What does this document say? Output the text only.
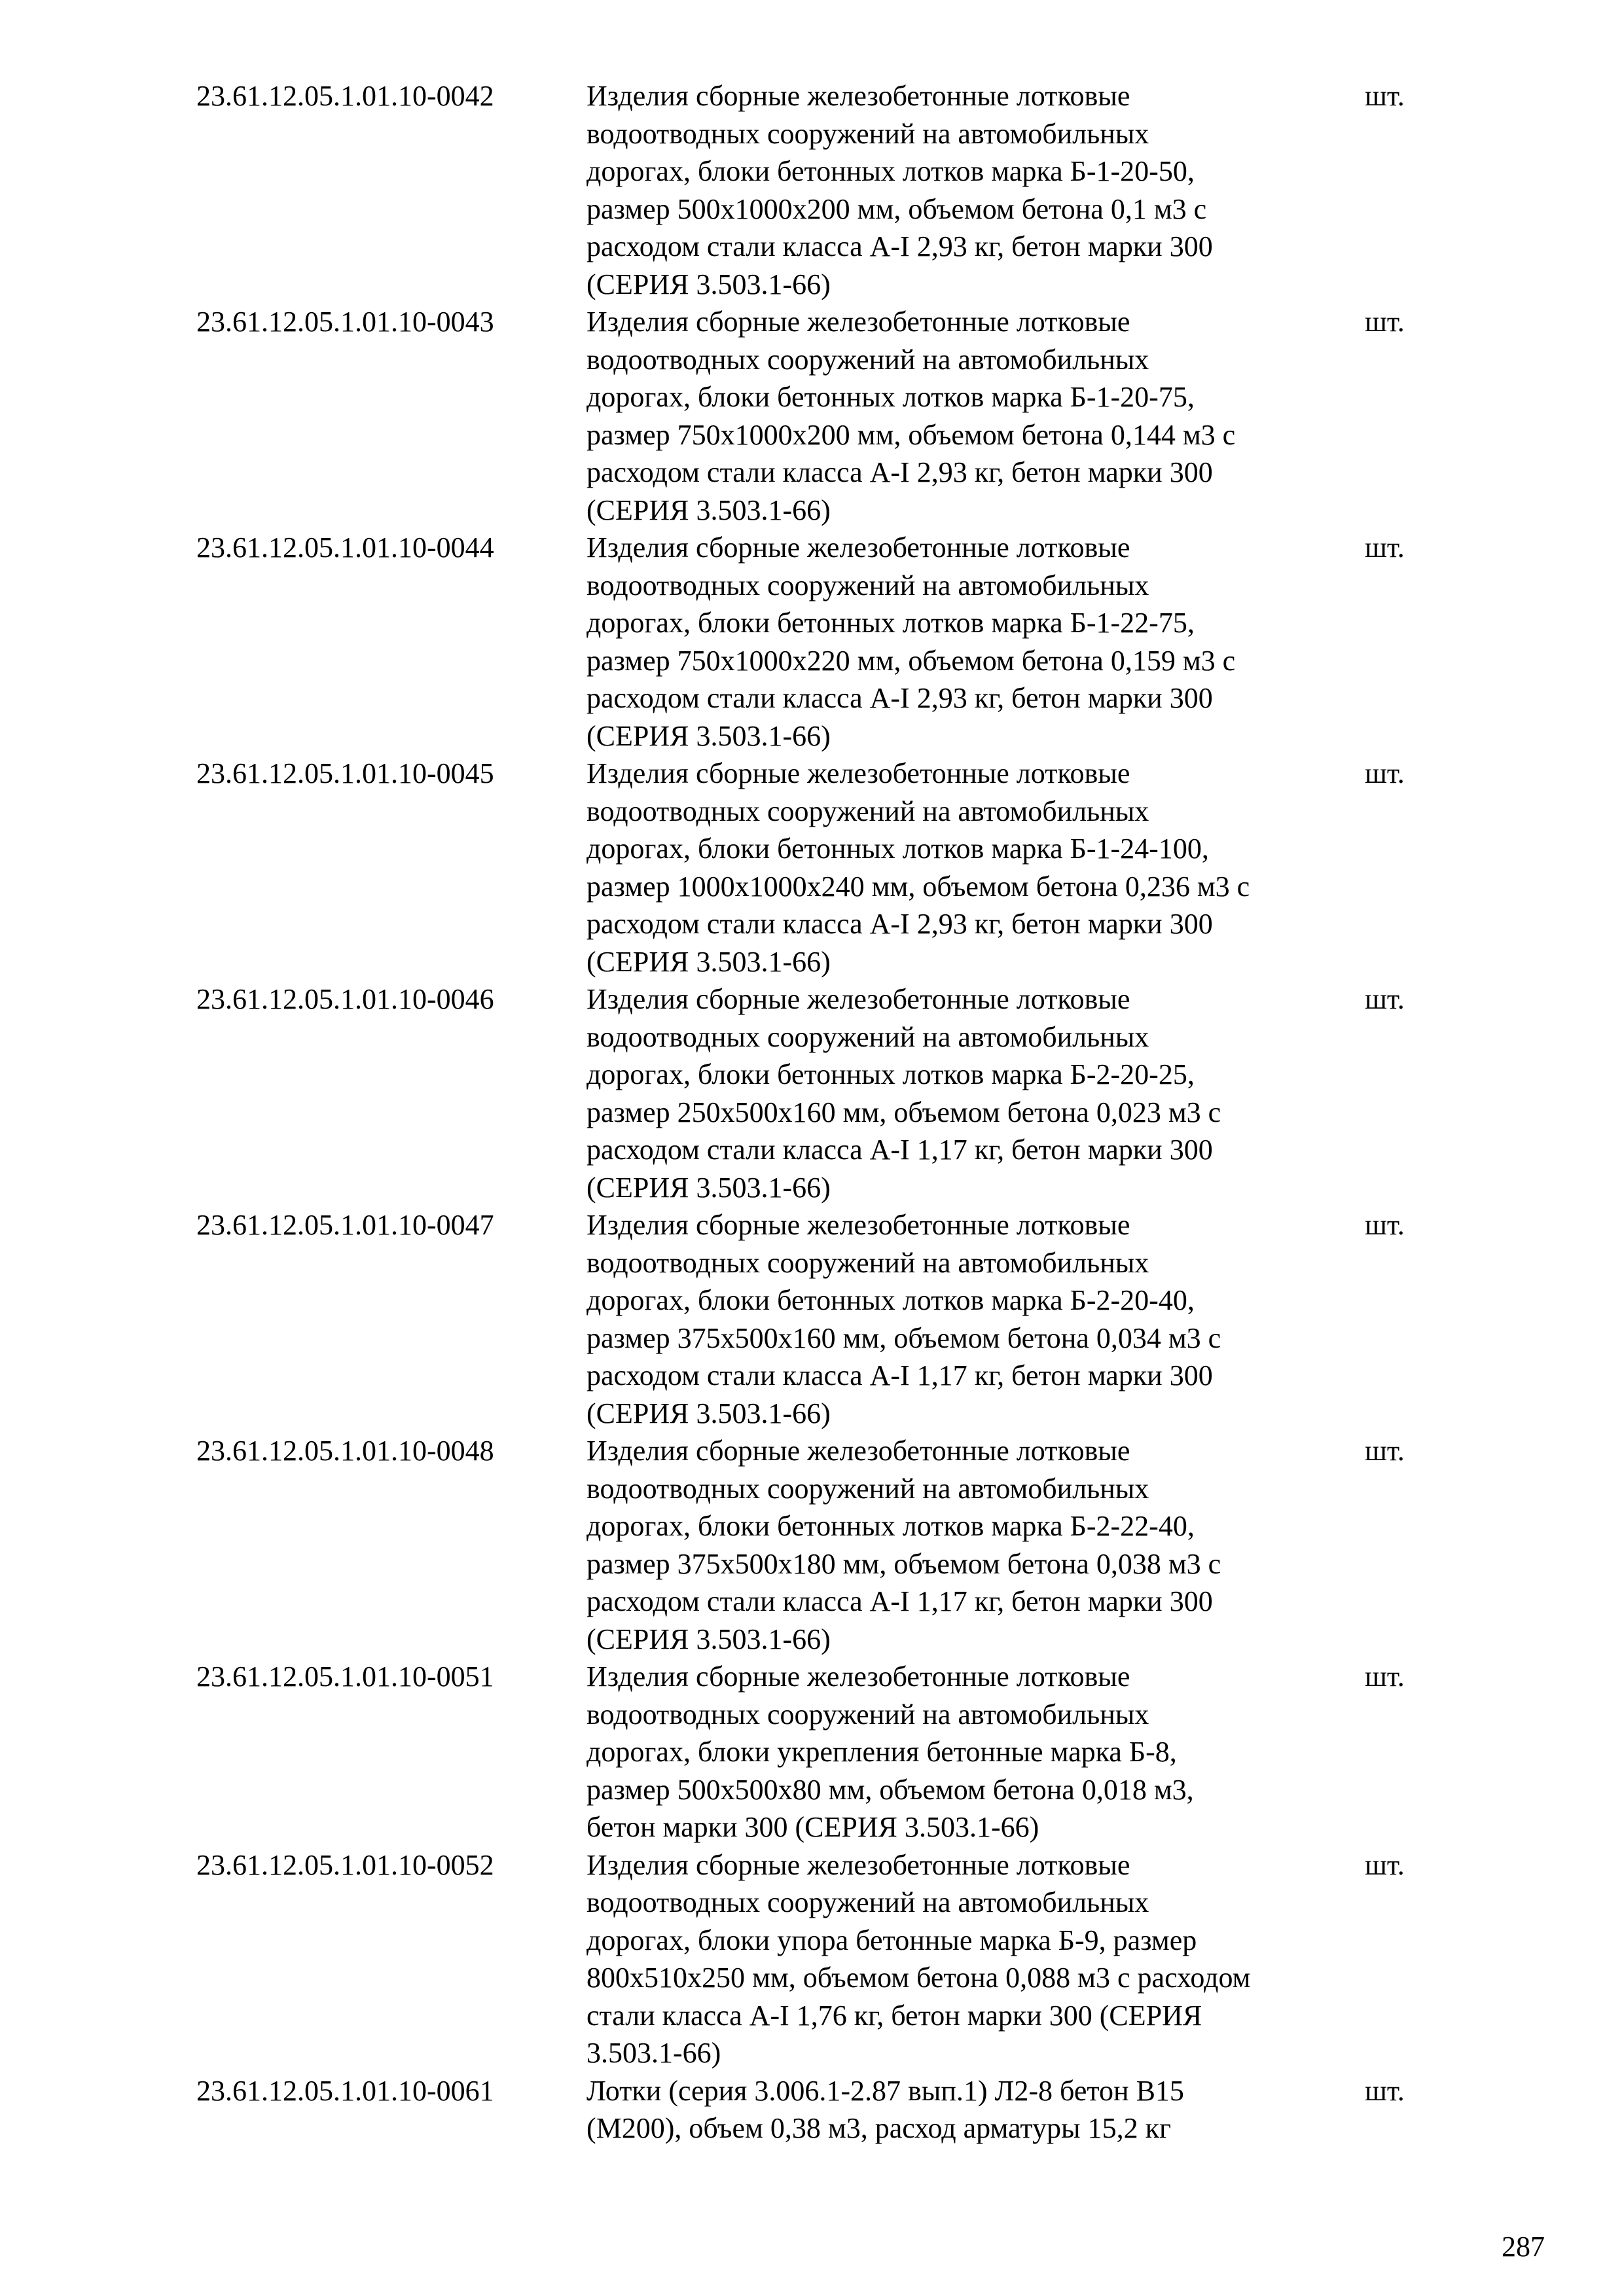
23.61.12.05.1.01.10-0042	Изделия сборные железобетонные лотковые
водоотводных сооружений на автомобильных
дорогах, блоки бетонных лотков марка Б-1-20-50,
размер 500х1000х200 мм, объемом бетона 0,1 м3 с
расходом стали класса А-I 2,93 кг, бетон марки 300
(СЕРИЯ 3.503.1-66)
шт.
23.61.12.05.1.01.10-0043	Изделия сборные железобетонные лотковые
водоотводных сооружений на автомобильных
дорогах, блоки бетонных лотков марка Б-1-20-75,
размер 750х1000х200 мм, объемом бетона 0,144 м3 с
расходом стали класса А-I 2,93 кг, бетон марки 300
(СЕРИЯ 3.503.1-66)
шт.
23.61.12.05.1.01.10-0044	Изделия сборные железобетонные лотковые
водоотводных сооружений на автомобильных
дорогах, блоки бетонных лотков марка Б-1-22-75,
размер 750х1000х220 мм, объемом бетона 0,159 м3 с
расходом стали класса А-I 2,93 кг, бетон марки 300
(СЕРИЯ 3.503.1-66)
шт.
23.61.12.05.1.01.10-0045	Изделия сборные железобетонные лотковые
водоотводных сооружений на автомобильных
дорогах, блоки бетонных лотков марка Б-1-24-100,
размер 1000х1000х240 мм, объемом бетона 0,236 м3 с
расходом стали класса А-I 2,93 кг, бетон марки 300
(СЕРИЯ 3.503.1-66)
шт.
23.61.12.05.1.01.10-0046	Изделия сборные железобетонные лотковые
водоотводных сооружений на автомобильных
дорогах, блоки бетонных лотков марка Б-2-20-25,
размер 250х500х160 мм, объемом бетона 0,023 м3 с
расходом стали класса А-I 1,17 кг, бетон марки 300
(СЕРИЯ 3.503.1-66)
шт.
23.61.12.05.1.01.10-0047	Изделия сборные железобетонные лотковые
водоотводных сооружений на автомобильных
дорогах, блоки бетонных лотков марка Б-2-20-40,
размер 375х500х160 мм, объемом бетона 0,034 м3 с
расходом стали класса А-I 1,17 кг, бетон марки 300
(СЕРИЯ 3.503.1-66)
шт.
23.61.12.05.1.01.10-0048	Изделия сборные железобетонные лотковые
водоотводных сооружений на автомобильных
дорогах, блоки бетонных лотков марка Б-2-22-40,
размер 375х500х180 мм, объемом бетона 0,038 м3 с
расходом стали класса А-I 1,17 кг, бетон марки 300
(СЕРИЯ 3.503.1-66)
шт.
23.61.12.05.1.01.10-0051	Изделия сборные железобетонные лотковые
водоотводных сооружений на автомобильных
дорогах, блоки укрепления бетонные марка Б-8,
размер 500х500х80 мм, объемом бетона 0,018 м3,
бетон марки 300 (СЕРИЯ 3.503.1-66)
шт.
23.61.12.05.1.01.10-0052	Изделия сборные железобетонные лотковые
водоотводных сооружений на автомобильных
дорогах, блоки упора бетонные марка Б-9, размер
800х510х250 мм, объемом бетона 0,088 м3 с расходом
стали класса А-I 1,76 кг, бетон марки 300 (СЕРИЯ
3.503.1-66)
шт.
23.61.12.05.1.01.10-0061	Лотки (серия 3.006.1-2.87 вып.1) Л2-8 бетон В15
(М200), объем 0,38 м3, расход арматуры 15,2 кг
шт.
287
